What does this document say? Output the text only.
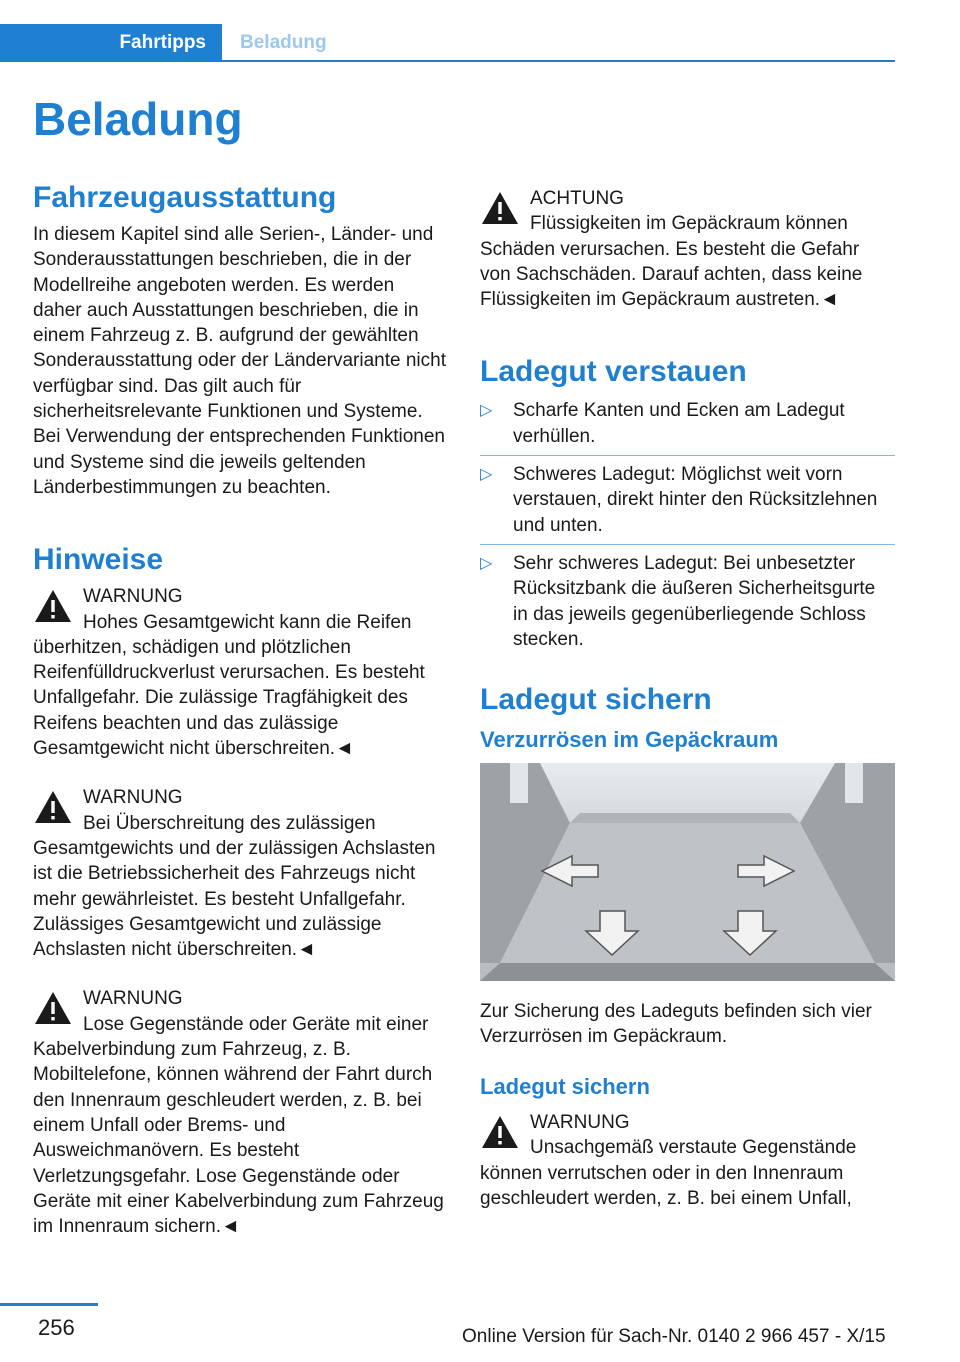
Fahrtipps	Beladung
Beladung
Fahrzeugausstattung

In diesem Kapitel sind alle Serien-, Länder- und Sonderausstattungen beschrieben, die in der Modellreihe angeboten werden. Es werden daher auch Ausstattungen beschrieben, die in einem Fahrzeug z. B. aufgrund der gewählten Sonderausstattung oder der Ländervariante nicht verfügbar sind. Das gilt auch für sicherheitsrelevante Funktionen und Systeme. Bei Verwendung der entsprechenden Funktionen und Systeme sind die jeweils geltenden Länderbestimmungen zu beachten.

Hinweise
WARNUNG
Hohes Gesamtgewicht kann die Reifen überhitzen, schädigen und plötzlichen Reifenfülldruckverlust verursachen. Es besteht Unfallgefahr. Die zulässige Tragfähigkeit des Reifens beachten und das zulässige Gesamtgewicht nicht überschreiten.◄
WARNUNG
Bei Überschreitung des zulässigen Gesamtgewichts und der zulässigen Achslasten ist die Betriebssicherheit des Fahrzeugs nicht mehr gewährleistet. Es besteht Unfallgefahr. Zulässiges Gesamtgewicht und zulässige Achslasten nicht überschreiten.◄
WARNUNG
Lose Gegenstände oder Geräte mit einer Kabelverbindung zum Fahrzeug, z. B. Mobiltelefone, können während der Fahrt durch den Innenraum geschleudert werden, z. B. bei einem Unfall oder Brems- und Ausweichmanövern. Es besteht Verletzungsgefahr. Lose Gegenstände oder Geräte mit einer Kabelverbindung zum Fahrzeug im Innenraum sichern.◄
ACHTUNG
Flüssigkeiten im Gepäckraum können Schäden verursachen. Es besteht die Gefahr von Sachschäden. Darauf achten, dass keine Flüssigkeiten im Gepäckraum austreten.◄
Ladegut verstauen
▷ Scharfe Kanten und Ecken am Ladegut verhüllen.
▷ Schweres Ladegut: Möglichst weit vorn verstauen, direkt hinter den Rücksitzlehnen und unten.
▷ Sehr schweres Ladegut: Bei unbesetzter Rücksitzbank die äußeren Sicherheitsgurte in das jeweils gegenüberliegende Schloss stecken.
Ladegut sichern
Verzurrösen im Gepäckraum

Zur Sicherung des Ladeguts befinden sich vier Verzurrösen im Gepäckraum.

Ladegut sichern
WARNUNG
Unsachgemäß verstaute Gegenstände können verrutschen oder in den Innenraum geschleudert werden, z. B. bei einem Unfall,
256	Online Version für Sach-Nr. 0140 2 966 457 - X/15
